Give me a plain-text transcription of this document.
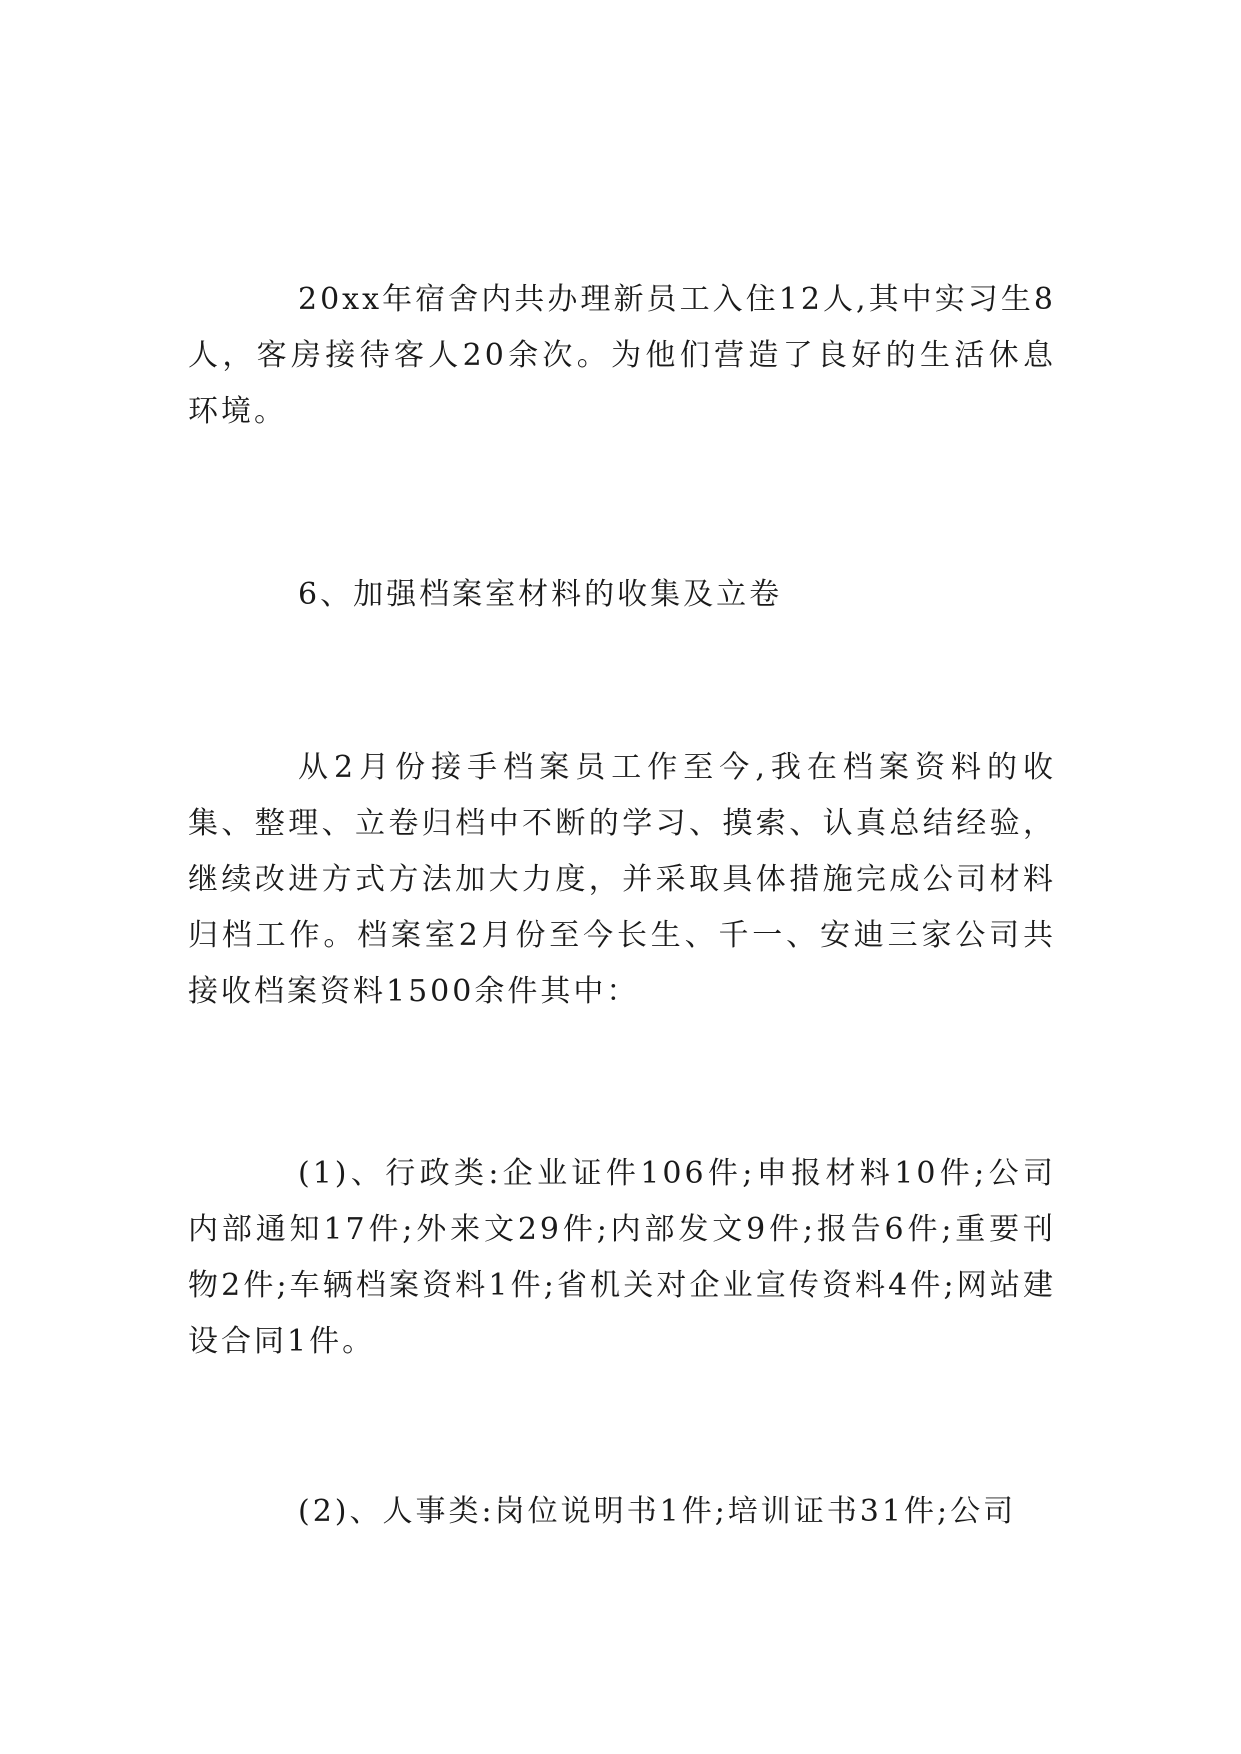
20xx年宿舍内共办理新员工入住12人,其中实习生8人，客房接待客人20余次。为他们营造了良好的生活休息环境。

6、加强档案室材料的收集及立卷

从2月份接手档案员工作至今,我在档案资料的收集、整理、立卷归档中不断的学习、摸索、认真总结经验，继续改进方式方法加大力度，并采取具体措施完成公司材料归档工作。档案室2月份至今长生、千一、安迪三家公司共接收档案资料1500余件其中：

(1)、行政类:企业证件106件;申报材料10件;公司内部通知17件;外来文29件;内部发文9件;报告6件;重要刊物2件;车辆档案资料1件;省机关对企业宣传资料4件;网站建设合同1件。

(2)、人事类:岗位说明书1件;培训证书31件;公司
